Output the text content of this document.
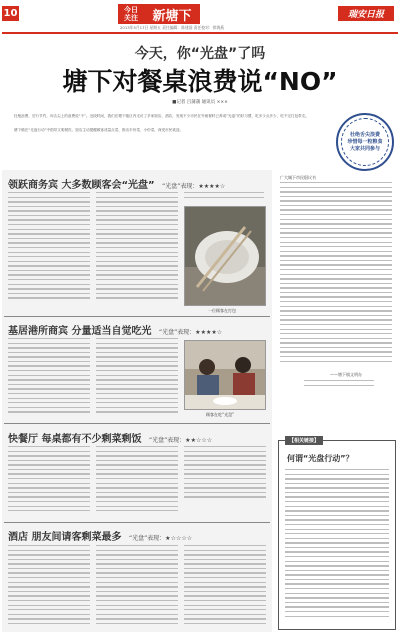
10	今日
关注	新塘下
2013年5月17日 星期五 责任编辑：陈建国 责任校对：徐海燕
瑞安日报
今天，你“光盘”了吗
塘下对餐桌浪费说“NO”
■记者 吕蒲蒲 通讯员 ×××
杜绝浪费，厉行节约，向舌尖上的浪费说“不”。近段时间，我们在塘下辖区内走访了多家饭店、酒店，发现不少市民在外就餐时已养成“光盘”的好习惯，吃多少点多少，吃不完打包带走。
塘下镇在“光盘行动”中倡导文明餐饮，饭店主动提醒顾客适量点菜，推出半份菜、小份菜，深受市民欢迎。
杜绝舌尖浪费
珍惜每一粒粮食
大家共同参与
领跃商务宾 大多数顾客会“光盘” “光盘”表现：★★★★☆
一位顾客在打包
基居港所商宾 分量适当自觉吃光 “光盘”表现：★★★★☆
顾客在吃“光盘”
快餐厅 每桌都有不少剩菜剩饭 “光盘”表现：★★☆☆☆
酒店 朋友间请客剩菜最多 “光盘”表现：★☆☆☆☆
广大城下市民倡议书
——塘下镇文明办
【相关链接】
何谓“光盘行动”？
